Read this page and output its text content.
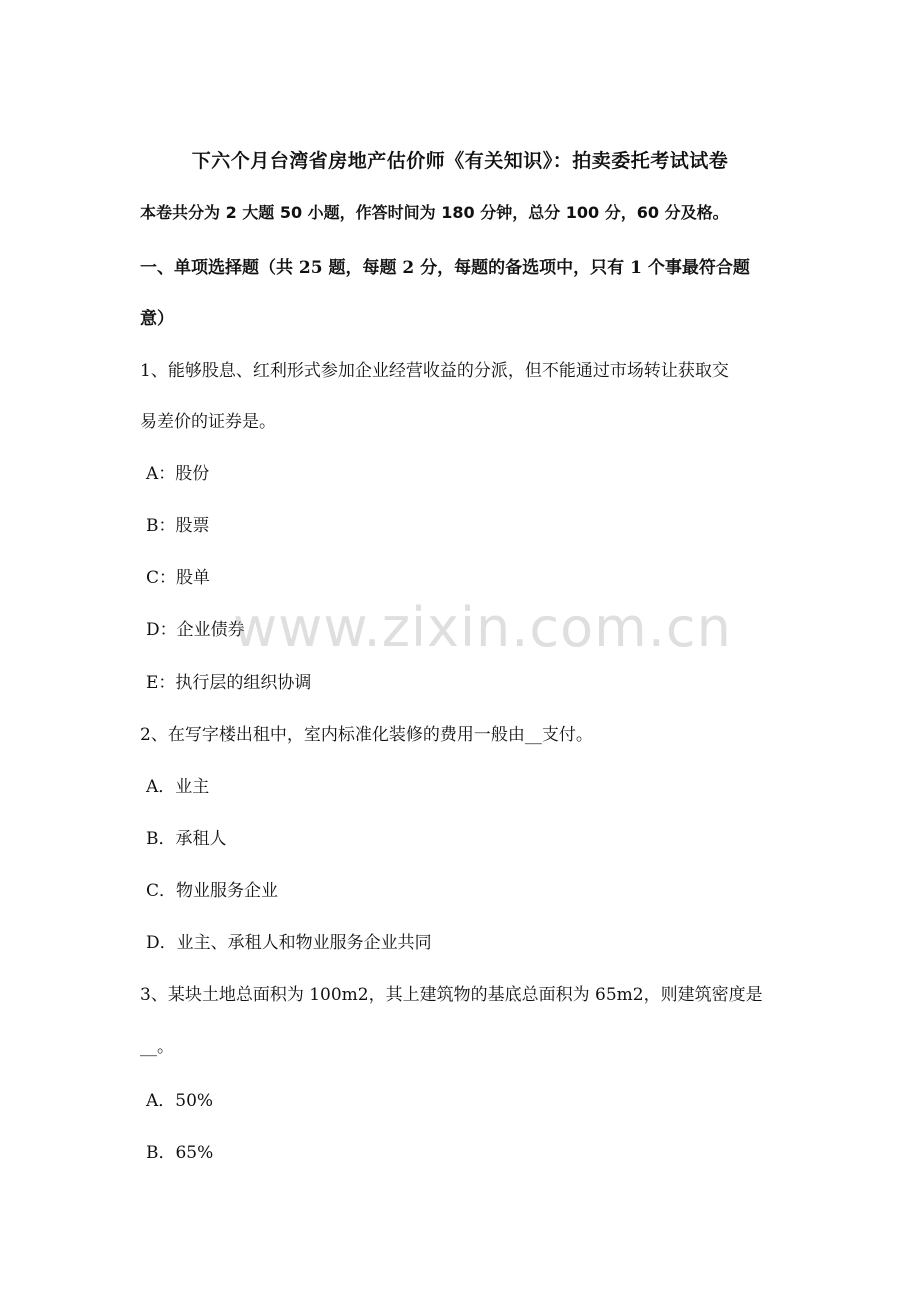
下六个月台湾省房地产估价师《有关知识》：拍卖委托考试试卷
本卷共分为 2 大题 50 小题，作答时间为 180 分钟，总分 100 分，60 分及格。
一、单项选择题（共 25 题，每题 2 分，每题的备选项中，只有 1 个事最符合题
意）
1、能够股息、红利形式参加企业经营收益的分派，但不能通过市场转让获取交
易差价的证券是。
A：股份
B：股票
C：股单
D：企业债券
E：执行层的组织协调
2、在写字楼出租中，室内标准化装修的费用一般由__支付。
A．业主
B．承租人
C．物业服务企业
D．业主、承租人和物业服务企业共同
3、某块土地总面积为 100m2，其上建筑物的基底总面积为 65m2，则建筑密度是
__。
A．50%
B．65%
www.zixin.com.cn
